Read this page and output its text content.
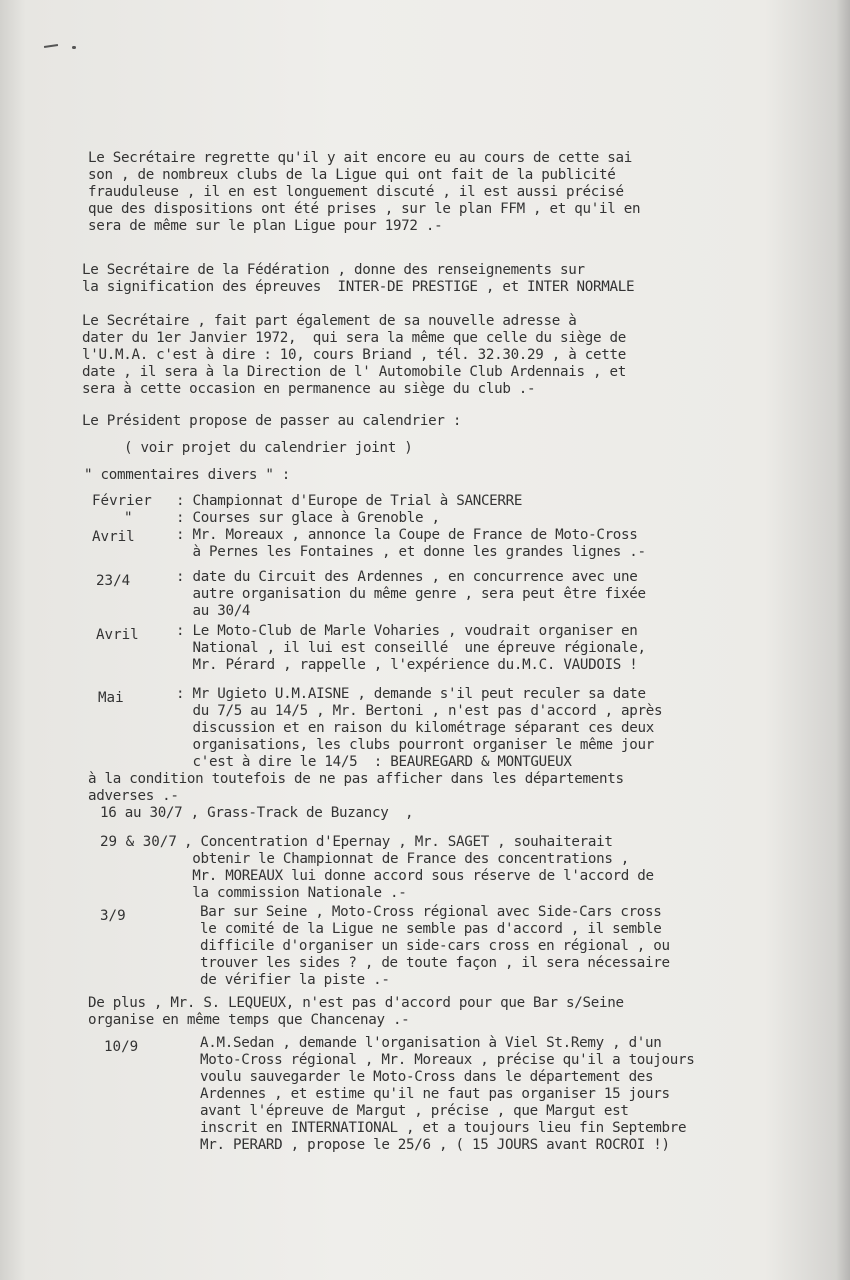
Le Secrétaire regrette qu'il y ait encore eu au cours de cette sai
son , de nombreux clubs de la Ligue qui ont fait de la publicité
frauduleuse , il en est longuement discuté , il est aussi précisé
que des dispositions ont été prises , sur le plan FFM , et qu'il en
sera de même sur le plan Ligue pour 1972 .-
Le Secrétaire de la Fédération , donne des renseignements sur
la signification des épreuves  INTER-DE PRESTIGE , et INTER NORMALE
Le Secrétaire , fait part également de sa nouvelle adresse à
dater du 1er Janvier 1972,  qui sera la même que celle du siège de
l'U.M.A. c'est à dire : 10, cours Briand , tél. 32.30.29 , à cette
date , il sera à la Direction de l' Automobile Club Ardennais , et
sera à cette occasion en permanence au siège du club .-
Le Président propose de passer au calendrier :
( voir projet du calendrier joint )
" commentaires divers " :
Février : Championnat d'Europe de Trial à SANCERRE
"	: Courses sur glace à Grenoble ,
Avril	: Mr. Moreaux , annonce la Coupe de France de Moto-Cross
à Pernes les Fontaines , et donne les grandes lignes .-
23/4	: date du Circuit des Ardennes , en concurrence avec une
autre organisation du même genre , sera peut être fixée
au 30/4
Avril	: Le Moto-Club de Marle Voharies , voudrait organiser en
National , il lui est conseillé  une épreuve régionale,
Mr. Pérard , rappelle , l'expérience du.M.C. VAUDOIS !
Mai	: Mr Ugieto U.M.AISNE , demande s'il peut reculer sa date
du 7/5 au 14/5 , Mr. Bertoni , n'est pas d'accord , après
discussion et en raison du kilométrage séparant ces deux
organisations, les clubs pourront organiser le même jour
c'est à dire le 14/5  : BEAUREGARD & MONTGUEUX
à la condition toutefois de ne pas afficher dans les départements
adverses .-
16 au 30/7 , Grass-Track de Buzancy  ,
29 & 30/7 , Concentration d'Epernay , Mr. SAGET , souhaiterait
obtenir le Championnat de France des concentrations ,
Mr. MOREAUX lui donne accord sous réserve de l'accord de
la commission Nationale .-
3/9	Bar sur Seine , Moto-Cross régional avec Side-Cars cross
le comité de la Ligue ne semble pas d'accord , il semble
difficile d'organiser un side-cars cross en régional , ou
trouver les sides ? , de toute façon , il sera nécessaire
de vérifier la piste .-
De plus , Mr. S. LEQUEUX, n'est pas d'accord pour que Bar s/Seine
organise en même temps que Chancenay .-
10/9	A.M.Sedan , demande l'organisation à Viel St.Remy , d'un
Moto-Cross régional , Mr. Moreaux , précise qu'il a toujours
voulu sauvegarder le Moto-Cross dans le département des
Ardennes , et estime qu'il ne faut pas organiser 15 jours
avant l'épreuve de Margut , précise , que Margut est
inscrit en INTERNATIONAL , et a toujours lieu fin Septembre
Mr. PERARD , propose le 25/6 , ( 15 JOURS avant ROCROI !)
